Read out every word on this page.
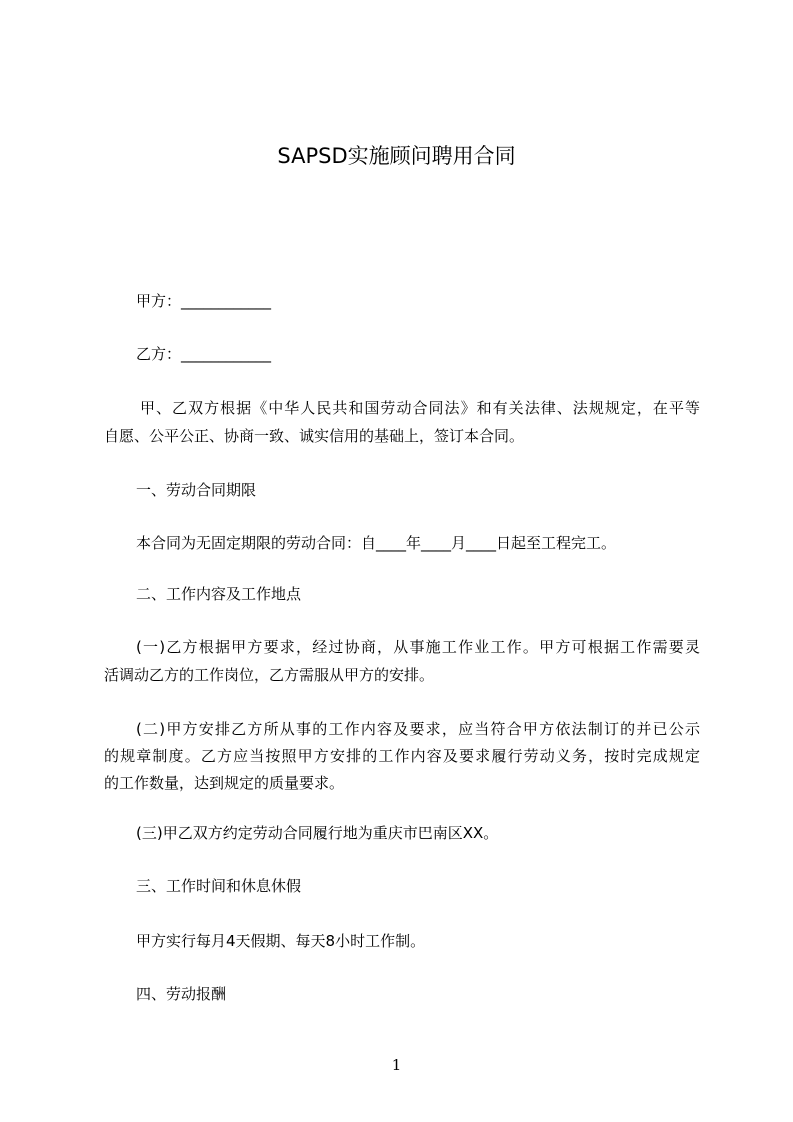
SAPSD实施顾问聘用合同

甲方：____________

乙方：____________

甲、乙双方根据《中华人民共和国劳动合同法》和有关法律、法规规定，在平等

自愿、公平公正、协商一致、诚实信用的基础上，签订本合同。

一、劳动合同期限

本合同为无固定期限的劳动合同：自____年____月____日起至工程完工。

二、工作内容及工作地点

(一)乙方根据甲方要求，经过协商，从事施工作业工作。甲方可根据工作需要灵

活调动乙方的工作岗位，乙方需服从甲方的安排。

(二)甲方安排乙方所从事的工作内容及要求，应当符合甲方依法制订的并已公示

的规章制度。乙方应当按照甲方安排的工作内容及要求履行劳动义务，按时完成规定

的工作数量，达到规定的质量要求。

(三)甲乙双方约定劳动合同履行地为重庆市巴南区XX。

三、工作时间和休息休假

甲方实行每月4天假期、每天8小时工作制。

四、劳动报酬

1
